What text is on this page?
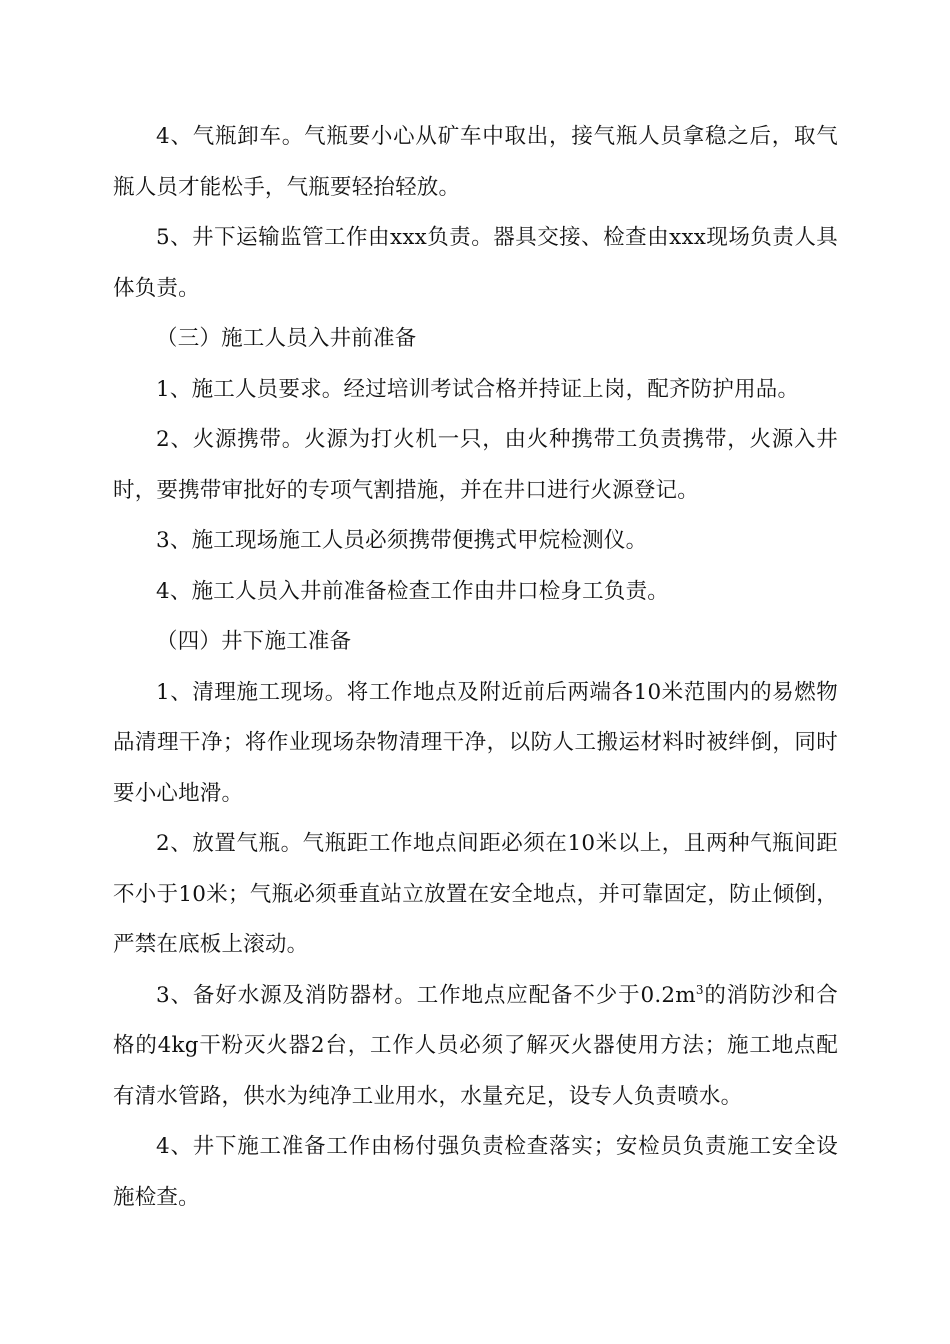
4、气瓶卸车。气瓶要小心从矿车中取出，接气瓶人员拿稳之后，取气瓶人员才能松手，气瓶要轻抬轻放。

5、井下运输监管工作由xxx负责。器具交接、检查由xxx现场负责人具体负责。

（三）施工人员入井前准备

1、施工人员要求。经过培训考试合格并持证上岗，配齐防护用品。

2、火源携带。火源为打火机一只，由火种携带工负责携带，火源入井时，要携带审批好的专项气割措施，并在井口进行火源登记。

3、施工现场施工人员必须携带便携式甲烷检测仪。

4、施工人员入井前准备检查工作由井口检身工负责。

（四）井下施工准备

1、清理施工现场。将工作地点及附近前后两端各10米范围内的易燃物品清理干净；将作业现场杂物清理干净，以防人工搬运材料时被绊倒，同时要小心地滑。

2、放置气瓶。气瓶距工作地点间距必须在10米以上，且两种气瓶间距不小于10米；气瓶必须垂直站立放置在安全地点，并可靠固定，防止倾倒，严禁在底板上滚动。

3、备好水源及消防器材。工作地点应配备不少于$0.2m^3$的消防沙和合格的4kg干粉灭火器2台，工作人员必须了解灭火器使用方法；施工地点配有清水管路，供水为纯净工业用水，水量充足，设专人负责喷水。

4、井下施工准备工作由杨付强负责检查落实；安检员负责施工安全设施检查。
